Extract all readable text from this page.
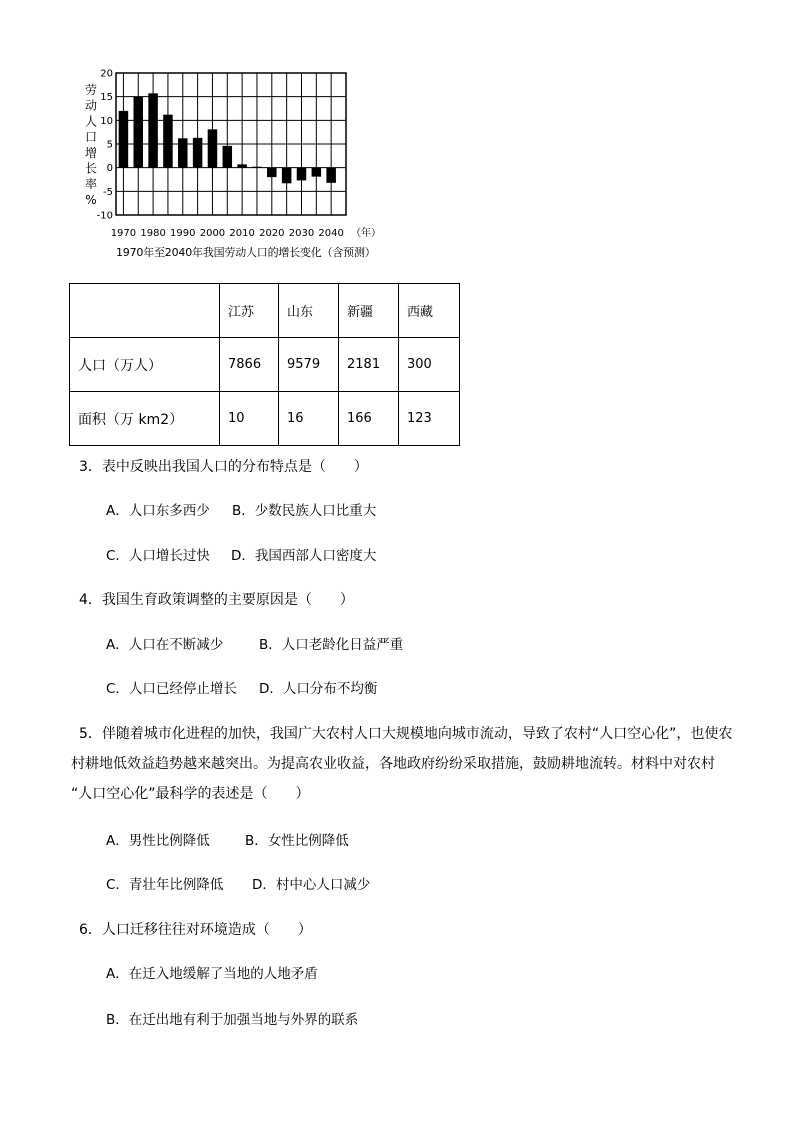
20
15
10
5
0
-5
-10
1970 1980 1990 2000 2010 2020 2030 2040
劳
动
人
口
增
长
率
%
（年）
1970年至2040年我国劳动人口的增长变化（含预测）
	江苏	山东	新疆	西藏
人口（万人）	7866	9579	2181	300
面积（万 km2）	10	16	166	123
3．表中反映出我国人口的分布特点是（　　）
A．人口东多西少 B．少数民族人口比重大
C．人口增长过快 D．我国西部人口密度大
4．我国生育政策调整的主要原因是（　　）
A．人口在不断减少	B．人口老龄化日益严重
C．人口已经停止增长 D．人口分布不均衡
5．伴随着城市化进程的加快，我国广大农村人口大规模地向城市流动，导致了农村“人口空心化”，也使农
村耕地低效益趋势越来越突出。为提高农业收益，各地政府纷纷采取措施，鼓励耕地流转。材料中对农村
“人口空心化”最科学的表述是（　　）
A．男性比例降低	B．女性比例降低
C．青壮年比例降低 D．村中心人口减少
6．人口迁移往往对环境造成（　　）
A．在迁入地缓解了当地的人地矛盾
B．在迁出地有利于加强当地与外界的联系
